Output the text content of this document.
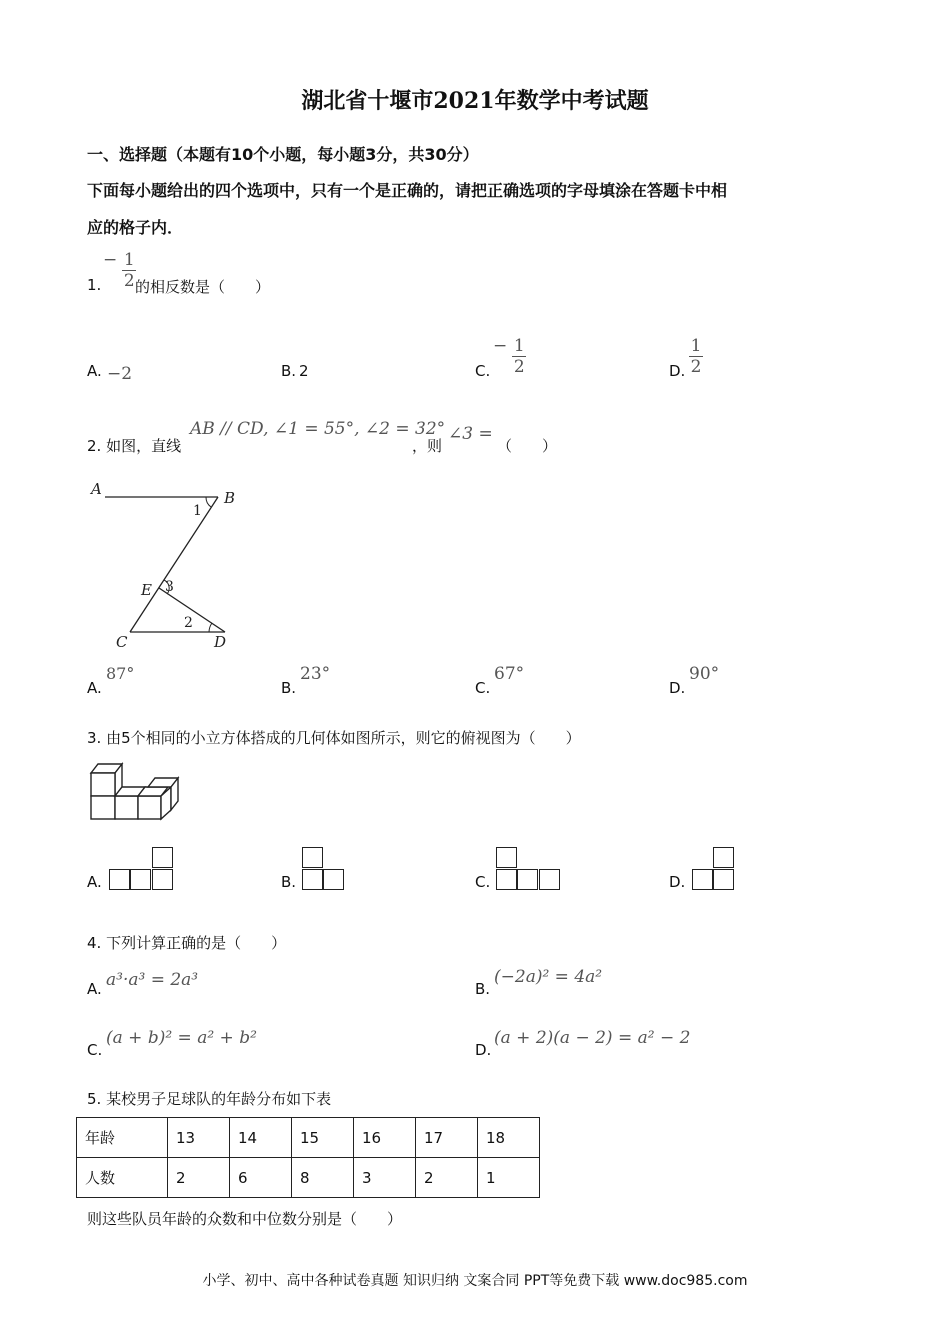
湖北省十堰市2021年数学中考试题
一、选择题（本题有10个小题，每小题3分，共30分）
下面每小题给出的四个选项中，只有一个是正确的，请把正确选项的字母填涂在答题卡中相
应的格子内．
1.
− $\frac{1}{2}$
的相反数是（　　）
A. −2	B. 2	C.
− $\frac{1}{2}$	D. $\frac{1}{2}$
2. 如图，直线
AB // CD, ∠1 = 55°, ∠2 = 32°
，则
∠3 =
（　　）
A	B
1
E 3
2
C	D
A.
87°
B.
23°
C.
67°
D.
90°
3. 由5个相同的小立方体搭成的几何体如图所示，则它的俯视图为（　　）
A.	B.	C.	D.
4. 下列计算正确的是（　　）
A. a³·a³ = 2a³	B.
(−2a)² = 4a²
C.
(a + b)² = a² + b²
D.
(a + 2)(a − 2) = a² − 2
5. 某校男子足球队的年龄分布如下表
年龄	13	14	15	16	17	18
人数	2	6	8	3	2	1
则这些队员年龄的众数和中位数分别是（　　）
小学、初中、高中各种试卷真题 知识归纳 文案合同 PPT等免费下载 www.doc985.com
